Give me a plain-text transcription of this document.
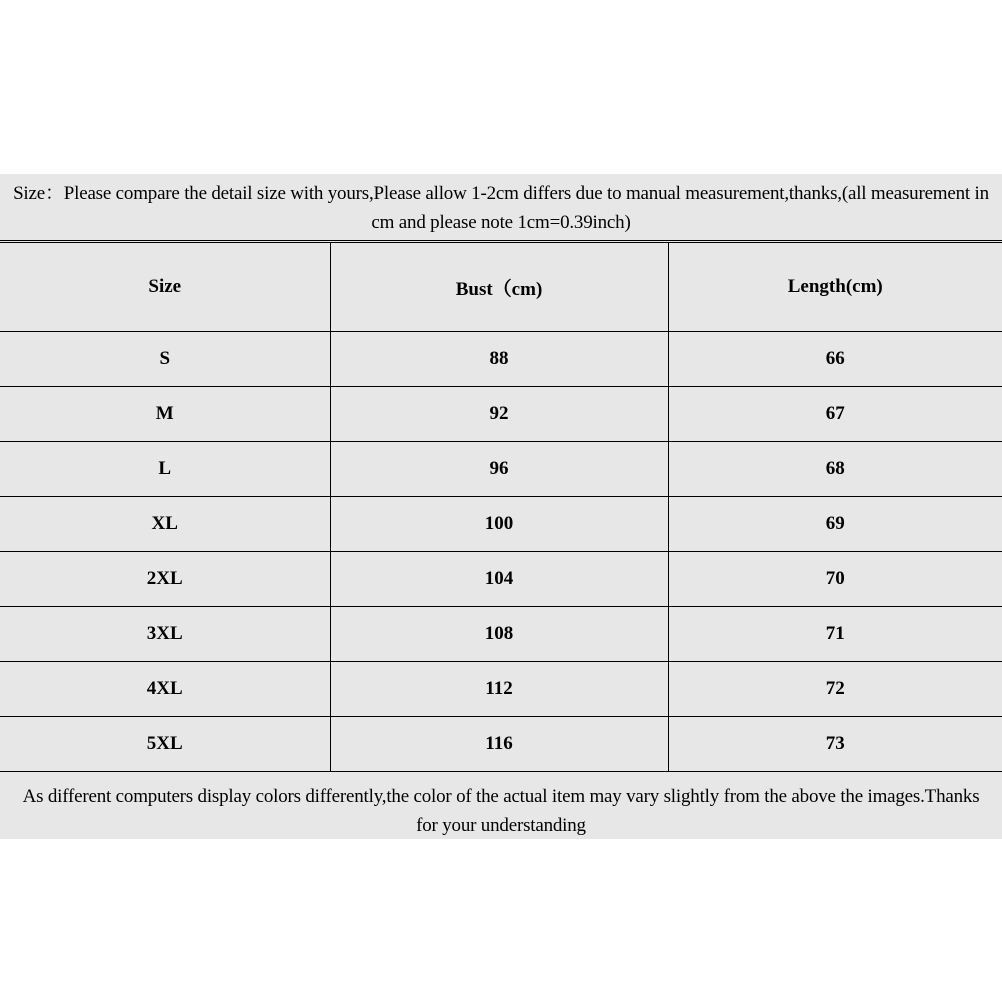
Size：Please compare the detail size with yours,Please allow 1-2cm differs due to manual measurement,thanks,(all measurement in cm and please note 1cm=0.39inch)
Size	Bust（cm)	Length(cm)
S	88	66
M	92	67
L	96	68
XL	100	69
2XL	104	70
3XL	108	71
4XL	112	72
5XL	116	73
As different computers display colors differently,the color of the actual item may vary slightly from the above the images.Thanks for your understanding
